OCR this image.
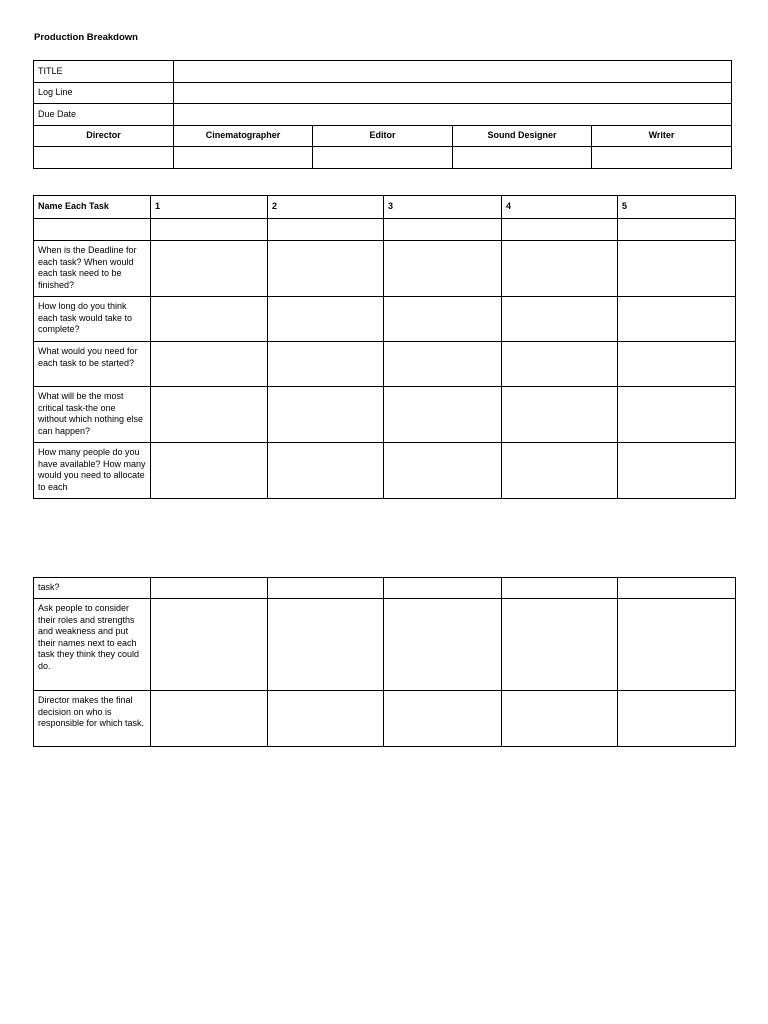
Production Breakdown
TITLE				
Log Line				
Due Date				
Director	Cinematographer	Editor	Sound Designer	Writer

Name Each Task	1	2	3	4	5

When is the Deadline for each task? When would each task need to be finished?					
How long do you think each task would take to complete?					
What would you need for each task to be started?					
What will be the most critical task-the one without which nothing else can happen?					
How many people do you have available? How many would you need to allocate to each					
task?					
Ask people to consider their roles and strengths and weakness and put their names next to each task they think they could do.					
Director makes the final decision on who is responsible for which task.					
